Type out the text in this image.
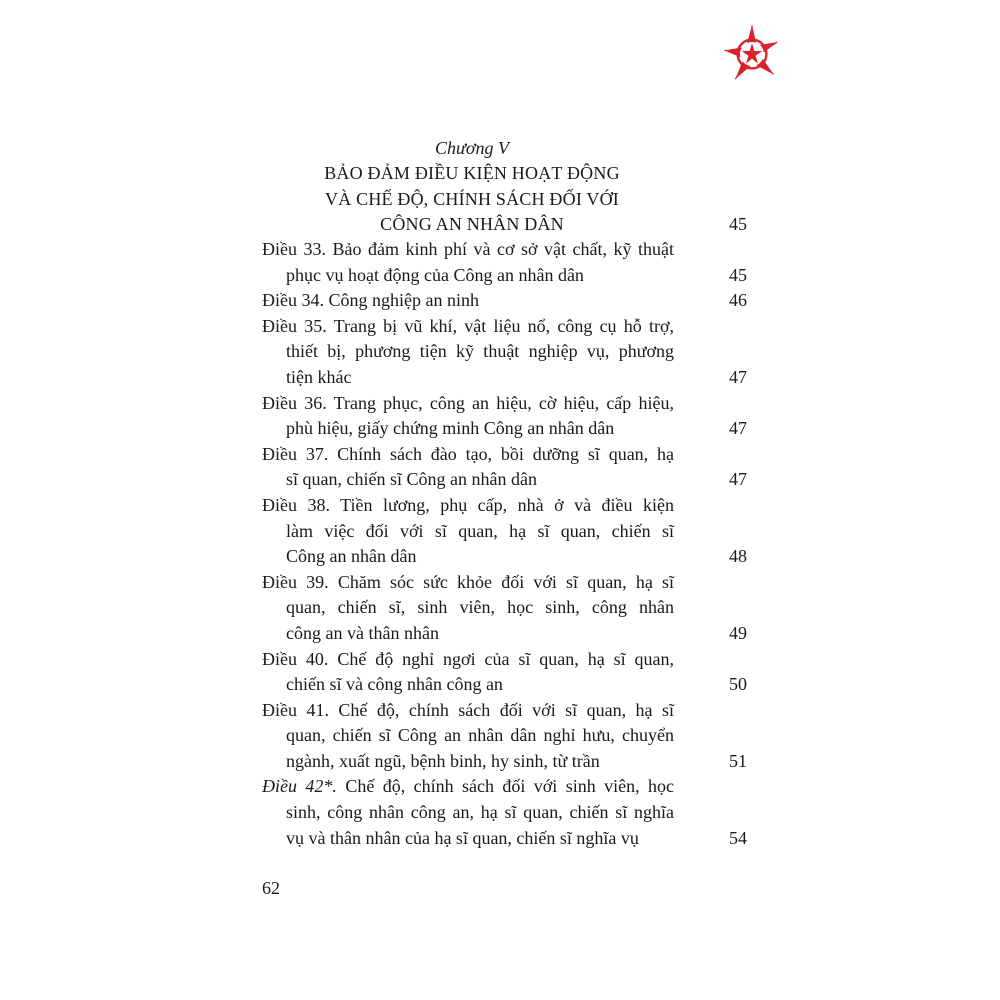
Chương V
BẢO ĐẢM ĐIỀU KIỆN HOẠT ĐỘNG
VÀ CHẾ ĐỘ, CHÍNH SÁCH ĐỐI VỚI
CÔNG AN NHÂN DÂN	45
Điều 33. Bảo đảm kinh phí và cơ sở vật chất, kỹ thuật
phục vụ hoạt động của Công an nhân dân	45
Điều 34. Công nghiệp an ninh	46
Điều 35. Trang bị vũ khí, vật liệu nổ, công cụ hỗ trợ,
thiết bị, phương tiện kỹ thuật nghiệp vụ, phương
tiện khác	47
Điều 36. Trang phục, công an hiệu, cờ hiệu, cấp hiệu,
phù hiệu, giấy chứng minh Công an nhân dân	47
Điều 37. Chính sách đào tạo, bồi dưỡng sĩ quan, hạ
sĩ quan, chiến sĩ Công an nhân dân	47
Điều 38. Tiền lương, phụ cấp, nhà ở và điều kiện
làm việc đối với sĩ quan, hạ sĩ quan, chiến sĩ
Công an nhân dân	48
Điều 39. Chăm sóc sức khỏe đối với sĩ quan, hạ sĩ
quan, chiến sĩ, sinh viên, học sinh, công nhân
công an và thân nhân	49
Điều 40. Chế độ nghỉ ngơi của sĩ quan, hạ sĩ quan,
chiến sĩ và công nhân công an	50
Điều 41. Chế độ, chính sách đối với sĩ quan, hạ sĩ
quan, chiến sĩ Công an nhân dân nghỉ hưu, chuyển
ngành, xuất ngũ, bệnh binh, hy sinh, từ trần	51
Điều 42*. Chế độ, chính sách đối với sinh viên, học
sinh, công nhân công an, hạ sĩ quan, chiến sĩ nghĩa
vụ và thân nhân của hạ sĩ quan, chiến sĩ nghĩa vụ	54
62
